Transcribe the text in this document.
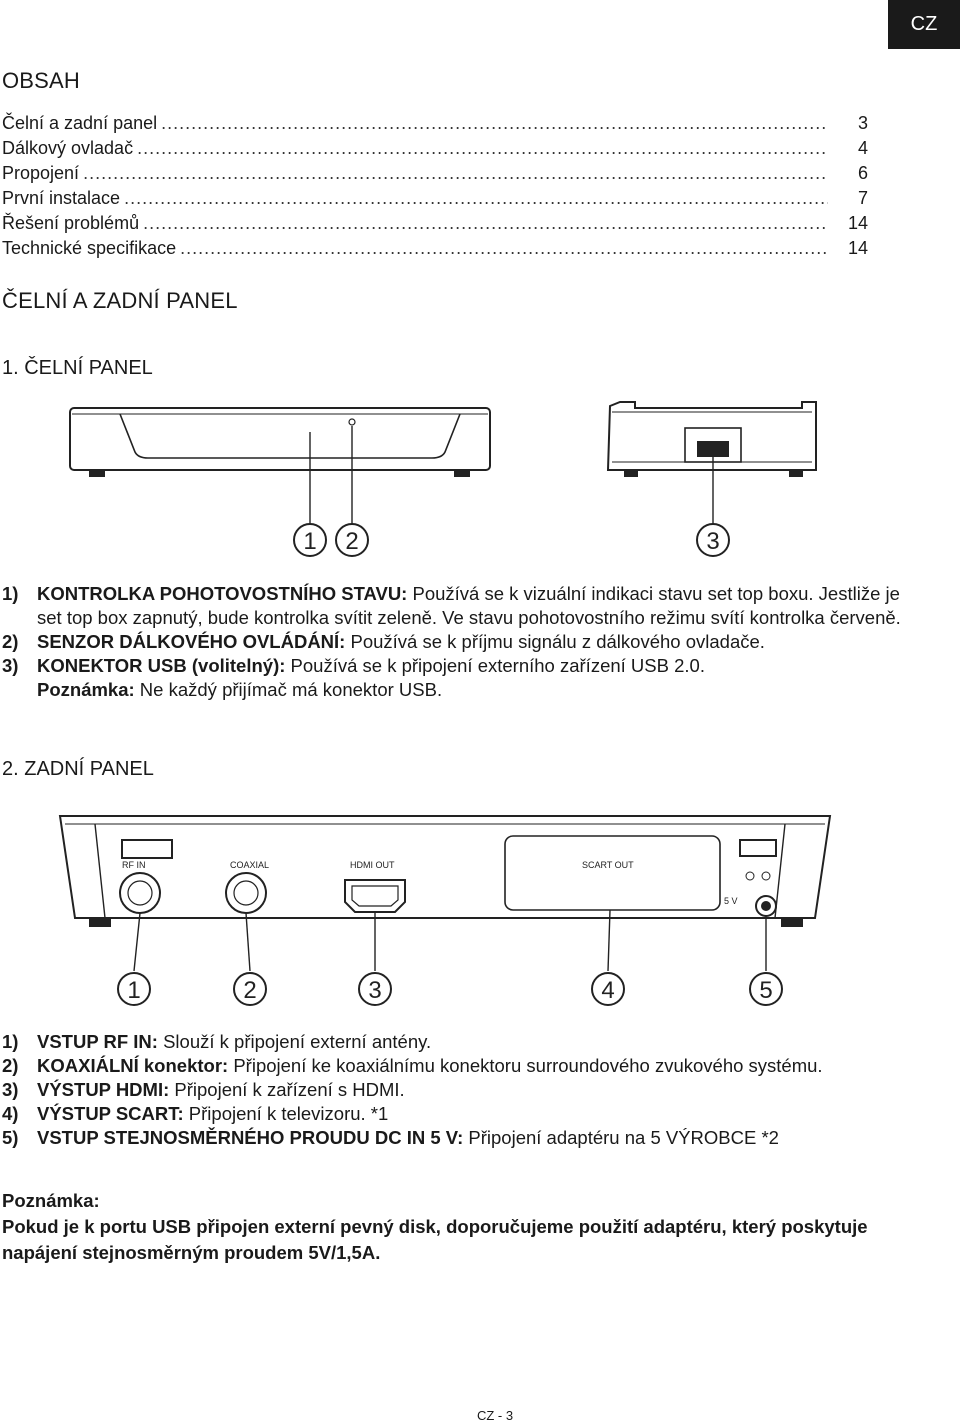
CZ
OBSAH
Čelní a zadní panel .....	3
Dálkový ovladač .....	4
Propojení .....	6
První instalace .....	7
Řešení problémů .....	14
Technické specifikace .....	14
ČELNÍ A ZADNÍ PANEL
1. ČELNÍ PANEL
1 2	3
1)	KONTROLKA POHOTOVOSTNÍHO STAVU: Používá se k vizuální indikaci stavu set top boxu. Jestliže je set top box zapnutý, bude kontrolka svítit zeleně. Ve stavu pohotovostního režimu svítí kontrolka červeně.
2)	SENZOR DÁLKOVÉHO OVLÁDÁNÍ: Používá se k příjmu signálu z dálkového ovladače.
3)	KONEKTOR USB (volitelný): Používá se k připojení externího zařízení USB 2.0.
Poznámka: Ne každý přijímač má konektor USB.
2. ZADNÍ PANEL
RF IN	COAXIAL	HDMI OUT	SCART OUT
5 V
1	2	3	4	5
1)	VSTUP RF IN: Slouží k připojení externí antény.
2)	KOAXIÁLNÍ konektor: Připojení ke koaxiálnímu konektoru surroundového zvukového systému.
3)	VÝSTUP HDMI: Připojení k zařízení s HDMI.
4)	VÝSTUP SCART: Připojení k televizoru. *1
5)	VSTUP STEJNOSMĚRNÉHO PROUDU DC IN 5 V: Připojení adaptéru na 5 VÝROBCE *2
Poznámka:
Pokud je k portu USB připojen externí pevný disk, doporučujeme použití adaptéru, který poskytuje napájení stejnosměrným proudem 5V/1,5A.
CZ - 3
